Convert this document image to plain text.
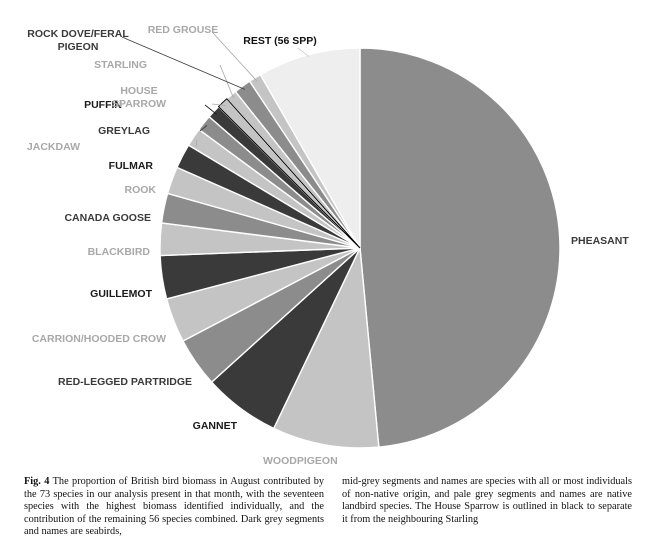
PHEASANT
WOODPIGEON
GANNET
RED-LEGGED PARTRIDGE
CARRION/HOODED CROW
GUILLEMOT
BLACKBIRD
CANADA GOOSE
ROOK
FULMAR
JACKDAW
GREYLAG
PUFFIN
HOUSE SPARROW
STARLING
ROCK DOVE/FERAL PIGEON
RED GROUSE
REST (56 SPP)
Fig. 4 The proportion of British bird biomass in August contributed by the 73 species in our analysis present in that month, with the seventeen species with the highest biomass identified individually, and the contribution of the remaining 56 species combined. Dark grey segments and names are seabirds,
mid-grey segments and names are species with all or most individuals of non-native origin, and pale grey segments and names are native landbird species. The House Sparrow is outlined in black to separate it from the neighbouring Starling
